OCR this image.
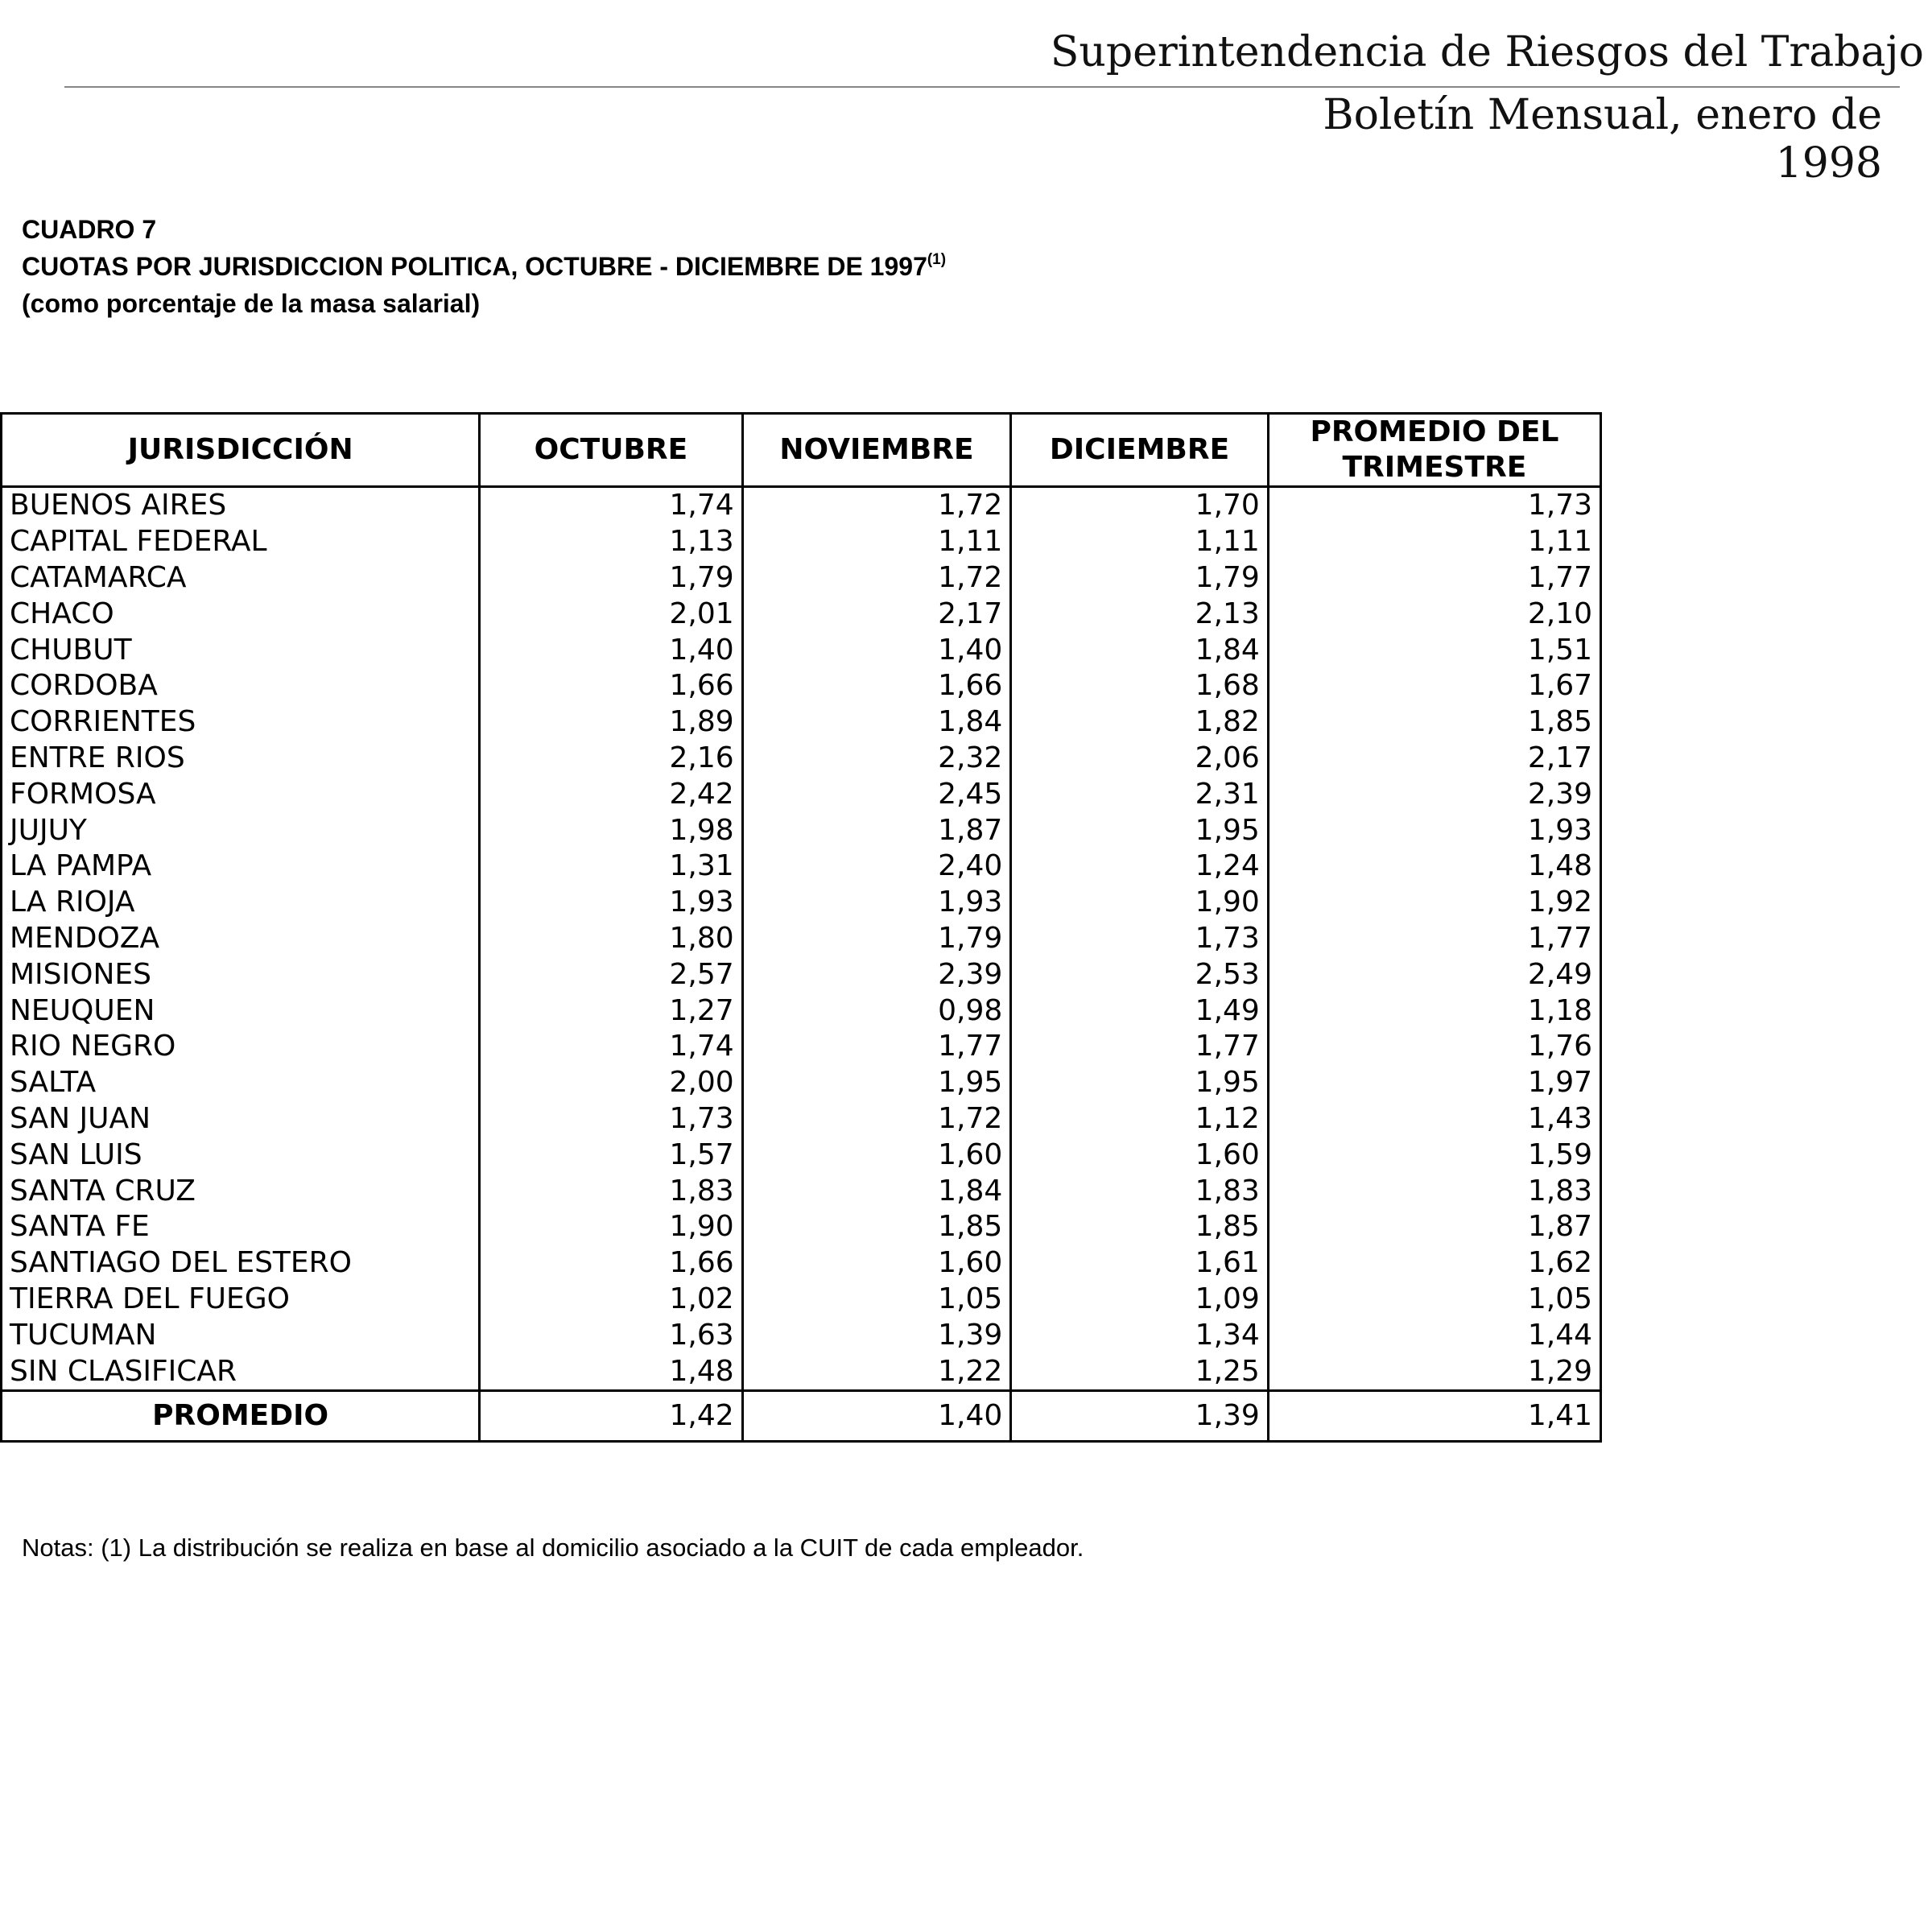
Superintendencia de Riesgos del Trabajo
Boletín Mensual, enero de
1998
CUADRO 7
CUOTAS POR JURISDICCION POLITICA, OCTUBRE - DICIEMBRE DE 1997$^{(1)}$
(como porcentaje de la masa salarial)
JURISDICCIÓN	OCTUBRE	NOVIEMBRE	DICIEMBRE	PROMEDIO DEL TRIMESTRE
BUENOS AIRES	1,74	1,72	1,70	1,73
CAPITAL FEDERAL	1,13	1,11	1,11	1,11
CATAMARCA	1,79	1,72	1,79	1,77
CHACO	2,01	2,17	2,13	2,10
CHUBUT	1,40	1,40	1,84	1,51
CORDOBA	1,66	1,66	1,68	1,67
CORRIENTES	1,89	1,84	1,82	1,85
ENTRE RIOS	2,16	2,32	2,06	2,17
FORMOSA	2,42	2,45	2,31	2,39
JUJUY	1,98	1,87	1,95	1,93
LA PAMPA	1,31	2,40	1,24	1,48
LA RIOJA	1,93	1,93	1,90	1,92
MENDOZA	1,80	1,79	1,73	1,77
MISIONES	2,57	2,39	2,53	2,49
NEUQUEN	1,27	0,98	1,49	1,18
RIO NEGRO	1,74	1,77	1,77	1,76
SALTA	2,00	1,95	1,95	1,97
SAN JUAN	1,73	1,72	1,12	1,43
SAN LUIS	1,57	1,60	1,60	1,59
SANTA CRUZ	1,83	1,84	1,83	1,83
SANTA FE	1,90	1,85	1,85	1,87
SANTIAGO DEL ESTERO	1,66	1,60	1,61	1,62
TIERRA DEL FUEGO	1,02	1,05	1,09	1,05
TUCUMAN	1,63	1,39	1,34	1,44
SIN CLASIFICAR	1,48	1,22	1,25	1,29
PROMEDIO	1,42	1,40	1,39	1,41
Notas: (1) La distribución se realiza en base al domicilio asociado a la CUIT de cada empleador.
